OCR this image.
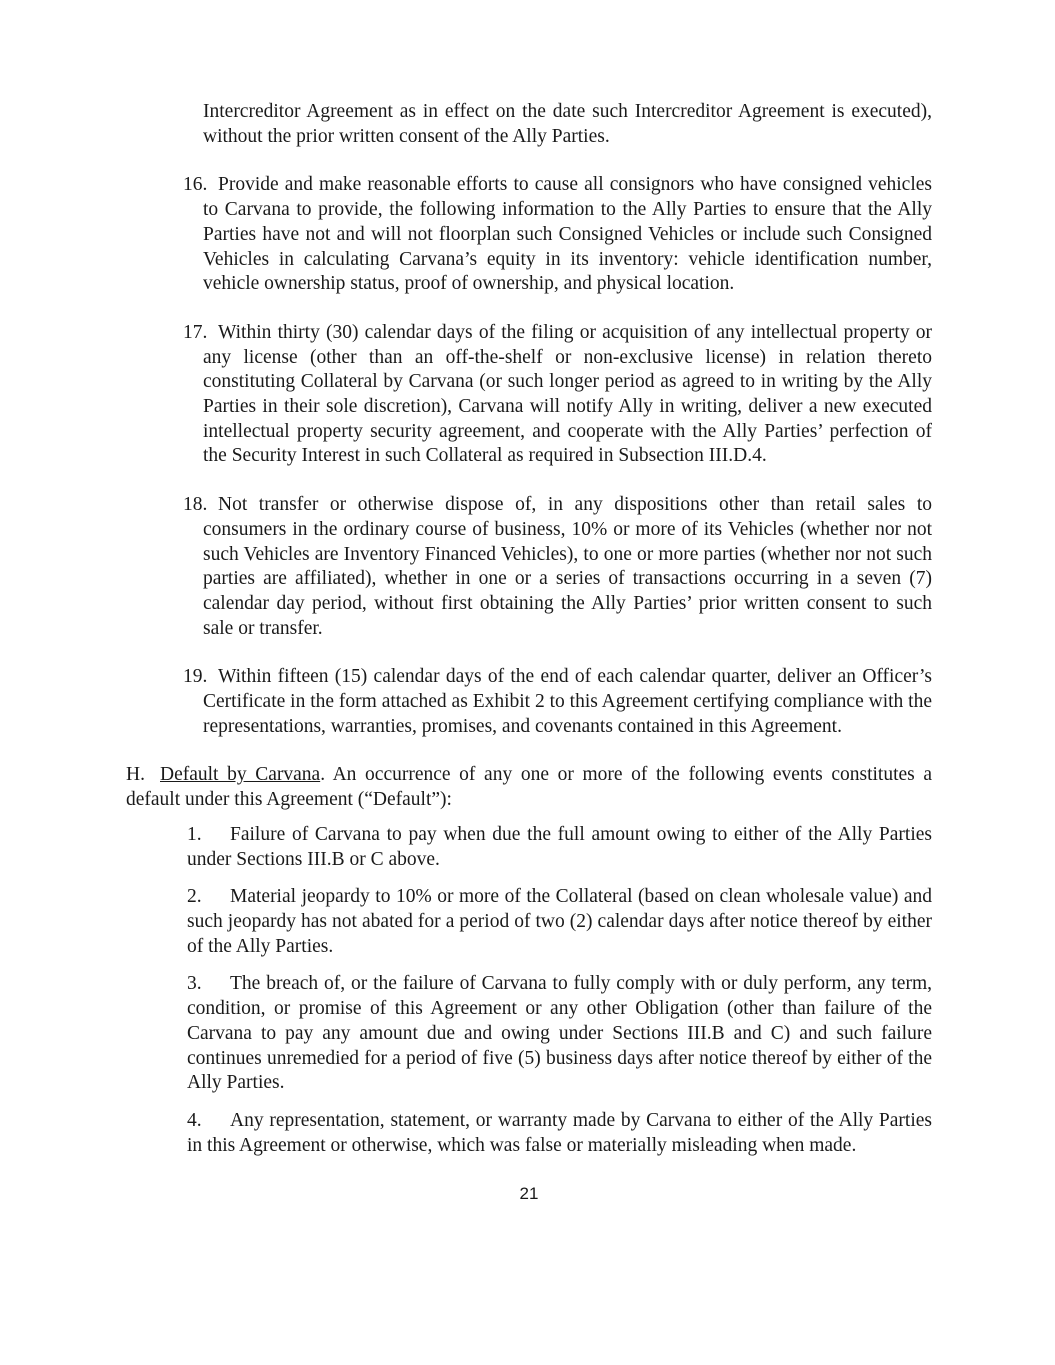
Intercreditor Agreement as in effect on the date such Intercreditor Agreement is executed), without the prior written consent of the Ally Parties.

16. Provide and make reasonable efforts to cause all consignors who have consigned vehicles to Carvana to provide, the following information to the Ally Parties to ensure that the Ally Parties have not and will not floorplan such Consigned Vehicles or include such Consigned Vehicles in calculating Carvana’s equity in its inventory: vehicle identification number, vehicle ownership status, proof of ownership, and physical location.

17. Within thirty (30) calendar days of the filing or acquisition of any intellectual property or any license (other than an off-the-shelf or non-exclusive license) in relation thereto constituting Collateral by Carvana (or such longer period as agreed to in writing by the Ally Parties in their sole discretion), Carvana will notify Ally in writing, deliver a new executed intellectual property security agreement, and cooperate with the Ally Parties’ perfection of the Security Interest in such Collateral as required in Subsection III.D.4.

18. Not transfer or otherwise dispose of, in any dispositions other than retail sales to consumers in the ordinary course of business, 10% or more of its Vehicles (whether nor not such Vehicles are Inventory Financed Vehicles), to one or more parties (whether nor not such parties are affiliated), whether in one or a series of transactions occurring in a seven (7) calendar day period, without first obtaining the Ally Parties’ prior written consent to such sale or transfer.

19. Within fifteen (15) calendar days of the end of each calendar quarter, deliver an Officer’s Certificate in the form attached as Exhibit 2 to this Agreement certifying compliance with the representations, warranties, promises, and covenants contained in this Agreement.

H. Default by Carvana. An occurrence of any one or more of the following events constitutes a default under this Agreement (“Default”):

1. Failure of Carvana to pay when due the full amount owing to either of the Ally Parties under Sections III.B or C above.

2. Material jeopardy to 10% or more of the Collateral (based on clean wholesale value) and such jeopardy has not abated for a period of two (2) calendar days after notice thereof by either of the Ally Parties.

3. The breach of, or the failure of Carvana to fully comply with or duly perform, any term, condition, or promise of this Agreement or any other Obligation (other than failure of the Carvana to pay any amount due and owing under Sections III.B and C) and such failure continues unremedied for a period of five (5) business days after notice thereof by either of the Ally Parties.

4. Any representation, statement, or warranty made by Carvana to either of the Ally Parties in this Agreement or otherwise, which was false or materially misleading when made.

21
